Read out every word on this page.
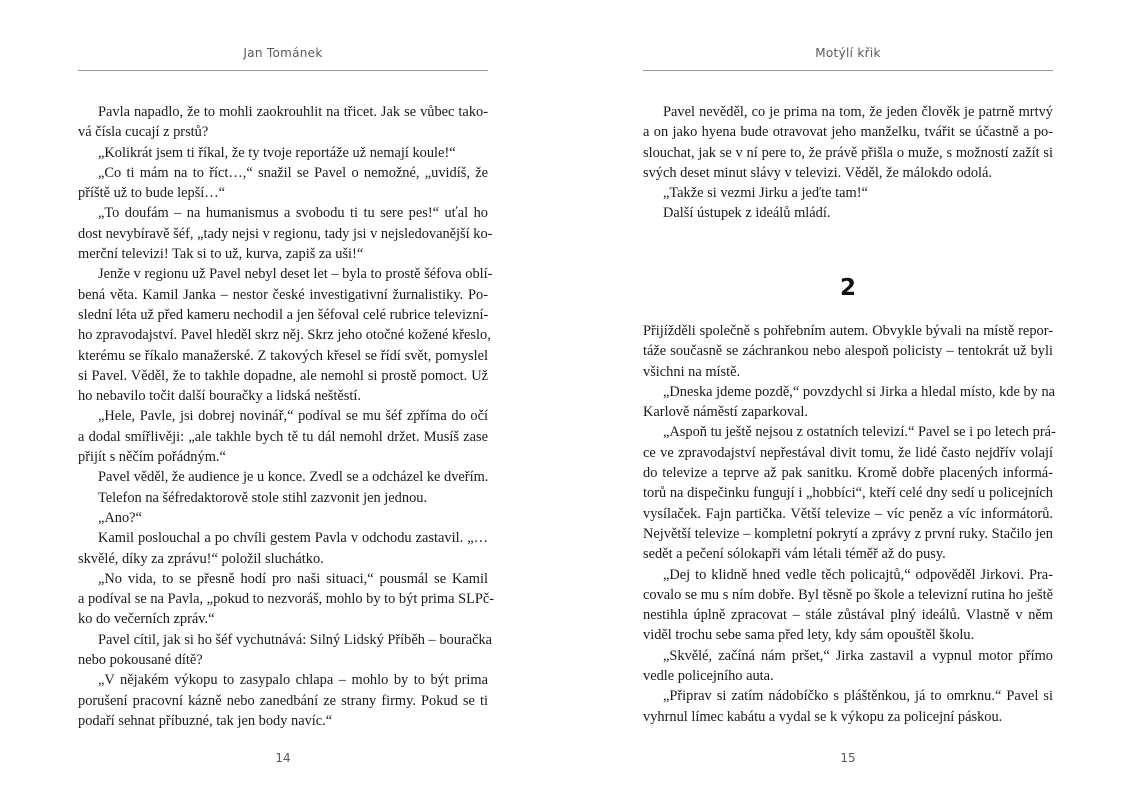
Jan Tománek
Pavla napadlo, že to mohli zaokrouhlit na třicet. Jak se vůbec tako-
vá čísla cucají z prstů?
„Kolikrát jsem ti říkal, že ty tvoje reportáže už nemají koule!“
„Co ti mám na to říct…,“ snažil se Pavel o nemožné, „uvidíš, že
příště už to bude lepší…“
„To doufám – na humanismus a svobodu ti tu sere pes!“ uťal ho
dost nevybíravě šéf, „tady nejsi v regionu, tady jsi v nejsledovanější ko-
merční televizi! Tak si to už, kurva, zapiš za uši!“
Jenže v regionu už Pavel nebyl deset let – byla to prostě šéfova oblí-
bená věta. Kamil Janka – nestor české investigativní žurnalistiky. Po-
slední léta už před kameru nechodil a jen šéfoval celé rubrice televizní-
ho zpravodajství. Pavel hleděl skrz něj. Skrz jeho otočné kožené křeslo,
kterému se říkalo manažerské. Z takových křesel se řídí svět, pomyslel
si Pavel. Věděl, že to takhle dopadne, ale nemohl si prostě pomoct. Už
ho nebavilo točit další bouračky a lidská neštěstí.
„Hele, Pavle, jsi dobrej novinář,“ podíval se mu šéf zpříma do očí
a dodal smířlivěji: „ale takhle bych tě tu dál nemohl držet. Musíš zase
přijít s něčím pořádným.“
Pavel věděl, že audience je u konce. Zvedl se a odcházel ke dveřím.
Telefon na šéfredaktorově stole stihl zazvonit jen jednou.
„Ano?“
Kamil poslouchal a po chvíli gestem Pavla v odchodu zastavil. „…
skvělé, díky za zprávu!“ položil sluchátko.
„No vida, to se přesně hodí pro naši situaci,“ pousmál se Kamil
a podíval se na Pavla, „pokud to nezvoráš, mohlo by to být prima SLPč-
ko do večerních zpráv.“
Pavel cítil, jak si ho šéf vychutnává: Silný Lidský Příběh – bouračka
nebo pokousané dítě?
„V nějakém výkopu to zasypalo chlapa – mohlo by to být prima
porušení pracovní kázně nebo zanedbání ze strany firmy. Pokud se ti
podaří sehnat příbuzné, tak jen body navíc.“
14
Motýlí křik
Pavel nevěděl, co je prima na tom, že jeden člověk je patrně mrtvý
a on jako hyena bude otravovat jeho manželku, tvářit se účastně a po-
slouchat, jak se v ní pere to, že právě přišla o muže, s možností zažít si
svých deset minut slávy v televizi. Věděl, že málokdo odolá.
„Takže si vezmi Jirku a jeďte tam!“
Další ústupek z ideálů mládí.
2
Přijížděli společně s pohřebním autem. Obvykle bývali na místě repor-
táže současně se záchrankou nebo alespoň policisty – tentokrát už byli
všichni na místě.
„Dneska jdeme pozdě,“ povzdychl si Jirka a hledal místo, kde by na
Karlově náměstí zaparkoval.
„Aspoň tu ještě nejsou z ostatních televizí.“ Pavel se i po letech prá-
ce ve zpravodajství nepřestával divit tomu, že lidé často nejdřív volají
do televize a teprve až pak sanitku. Kromě dobře placených informá-
torů na dispečinku fungují i „hobbíci“, kteří celé dny sedí u policejních
vysílaček. Fajn partička. Větší televize – víc peněz a víc informátorů.
Největší televize – kompletní pokrytí a zprávy z první ruky. Stačilo jen
sedět a pečení sólokapři vám létali téměř až do pusy.
„Dej to klidně hned vedle těch policajtů,“ odpověděl Jirkovi. Pra-
covalo se mu s ním dobře. Byl těsně po škole a televizní rutina ho ještě
nestihla úplně zpracovat – stále zůstával plný ideálů. Vlastně v něm
viděl trochu sebe sama před lety, kdy sám opouštěl školu.
„Skvělé, začíná nám pršet,“ Jirka zastavil a vypnul motor přímo
vedle policejního auta.
„Připrav si zatím nádobíčko s pláštěnkou, já to omrknu.“ Pavel si
vyhrnul límec kabátu a vydal se k výkopu za policejní páskou.
15
